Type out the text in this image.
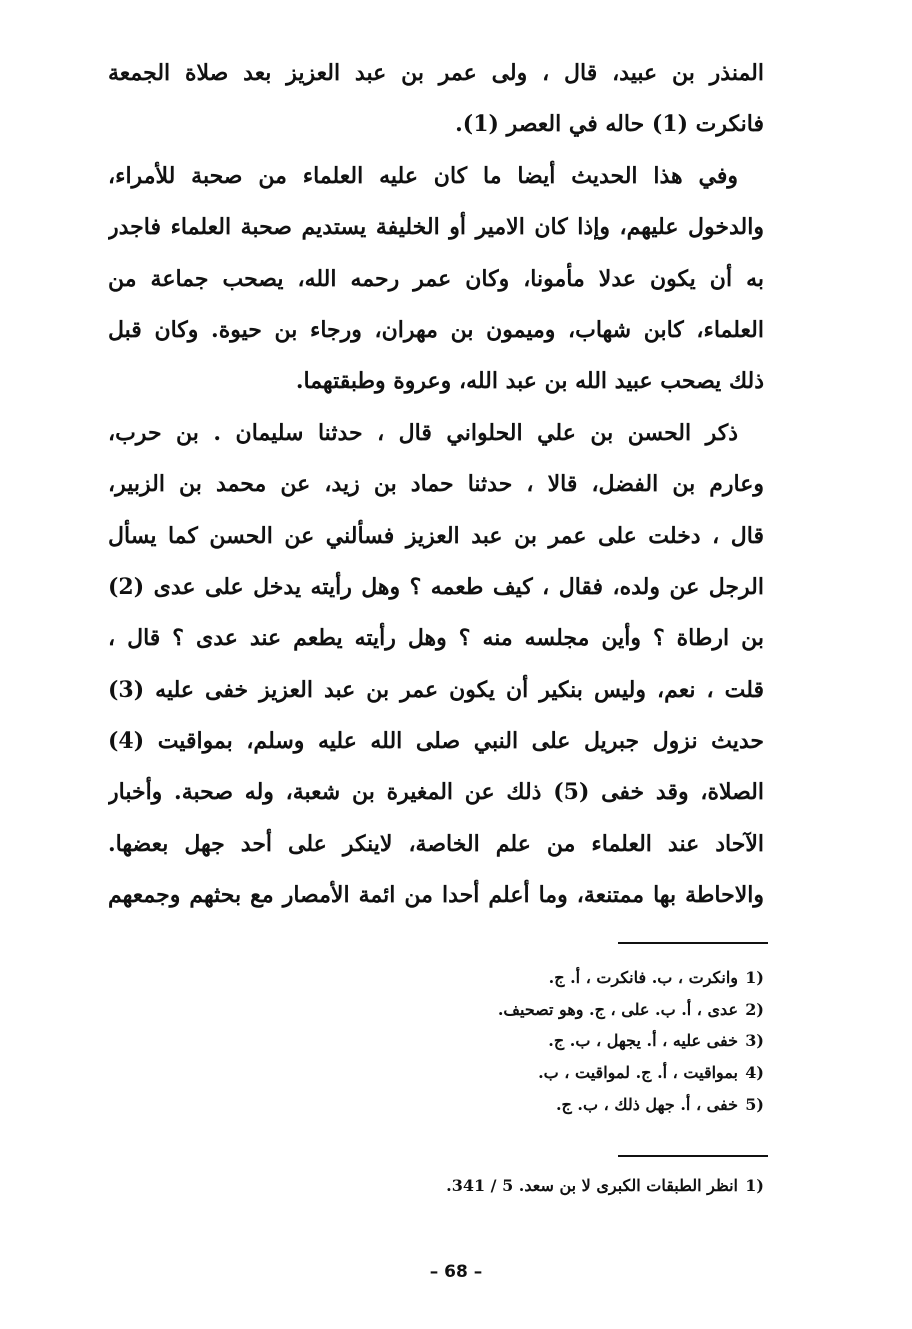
المنذر بن عبيد، قال ، ولى عمر بن عبد العزيز بعد صلاة الجمعة
فانكرت (1) حاله في العصر (1).
وفي هذا الحديث أيضا ما كان عليه العلماء من صحبة للأمراء،
والدخول عليهم، وإذا كان الامير أو الخليفة يستديم صحبة العلماء فاجدر
به أن يكون عدلا مأمونا، وكان عمر رحمه الله، يصحب جماعة من
العلماء، كابن شهاب، وميمون بن مهران، ورجاء بن حيوة. وكان قبل
ذلك يصحب عبيد الله بن عبد الله، وعروة وطبقتهما.
ذكر الحسن بن علي الحلواني قال ، حدثنا سليمان . بن حرب،
وعارم بن الفضل، قالا ، حدثنا حماد بن زيد، عن محمد بن الزبير،
قال ، دخلت على عمر بن عبد العزيز فسألني عن الحسن كما يسأل
الرجل عن ولده، فقال ، كيف طعمه ؟ وهل رأيته يدخل على عدى (2)
بن ارطاة ؟ وأين مجلسه منه ؟ وهل رأيته يطعم عند عدى ؟ قال ،
قلت ، نعم، وليس بنكير أن يكون عمر بن عبد العزيز خفى عليه (3)
حديث نزول جبريل على النبي صلى الله عليه وسلم، بمواقيت (4)
الصلاة، وقد خفى (5) ذلك عن المغيرة بن شعبة، وله صحبة. وأخبار
الآحاد عند العلماء من علم الخاصة، لاينكر على أحد جهل بعضها.
والاحاطة بها ممتنعة، وما أعلم أحدا من ائمة الأمصار مع بحثهم وجمعهم
1)
وانكرت ، ب. فانكرت ، أ. ج.
2)
عدى ، أ. ب. على ، ج. وهو تصحيف.
3)
خفى عليه ، أ. يجهل ، ب. ج.
4)
بمواقيت ، أ. ج. لمواقيت ، ب.
5)
خفى ، أ. جهل ذلك ، ب. ج.
1)
انظر الطبقات الكبرى لا بن سعد. 5 / 341.
– 68 –
